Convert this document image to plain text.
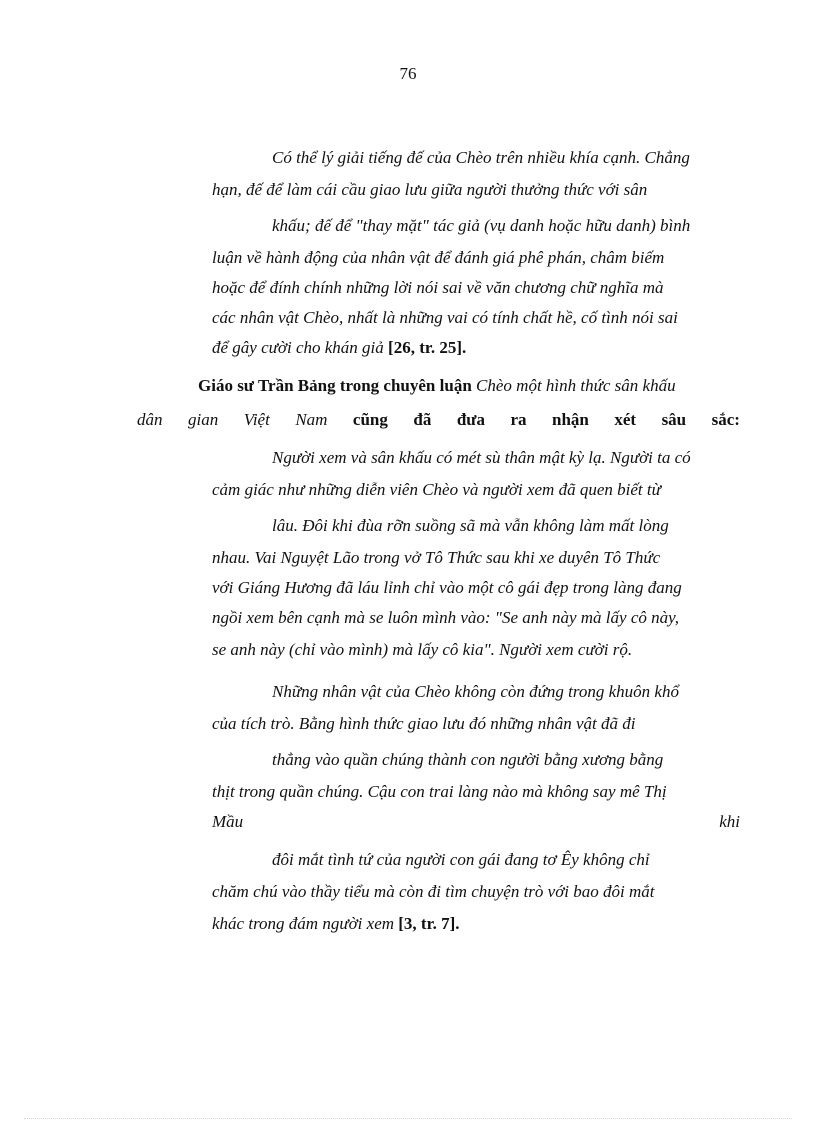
76
Có thể lý giải tiếng đế của Chèo trên nhiều khía cạnh. Chẳng
hạn, đế để làm cái cầu giao lưu giữa người thưởng thức với sân
khấu; đế để "thay mặt" tác giả (vụ danh hoặc hữu danh) bình
luận về hành động của nhân vật để đánh giá phê phán, châm biếm
hoặc để đính chính những lời nói sai về văn chương chữ nghĩa mà
các nhân vật Chèo, nhất là những vai có tính chất hề, cố tình nói sai
để gây cười cho khán giả [26, tr. 25].
Giáo sư Trần Bảng trong chuyên luận Chèo một hình thức sân khấu
dân gian Việt Nam cũng đã đưa ra nhận xét sâu sắc:
Người xem và sân khấu có mét sù thân mật kỳ lạ. Người ta có
cảm giác như những diễn viên Chèo và người xem đã quen biết từ
lâu. Đôi khi đùa rỡn suồng sã mà vẫn không làm mất lòng
nhau. Vai Nguyệt Lão trong vở Tô Thức sau khi xe duyên Tô Thức
với Giáng Hương đã láu lỉnh chỉ vào một cô gái đẹp trong làng đang
ngồi xem bên cạnh mà se luôn mình vào: "Se anh này mà lấy cô này,
se anh này (chỉ vào mình) mà lấy cô kia". Người xem cười rộ.
Những nhân vật của Chèo không còn đứng trong khuôn khổ
của tích trò. Bằng hình thức giao lưu đó những nhân vật đã đi
thẳng vào quần chúng thành con người bằng xương bằng
thịt trong quần chúng. Cậu con trai làng nào mà không say mê Thị
Mầu	khi
đôi mắt tình tứ của người con gái đang tơ Êy không chỉ
chăm chú vào thầy tiểu mà còn đi tìm chuyện trò với bao đôi mắt
khác trong đám người xem [3, tr. 7].
